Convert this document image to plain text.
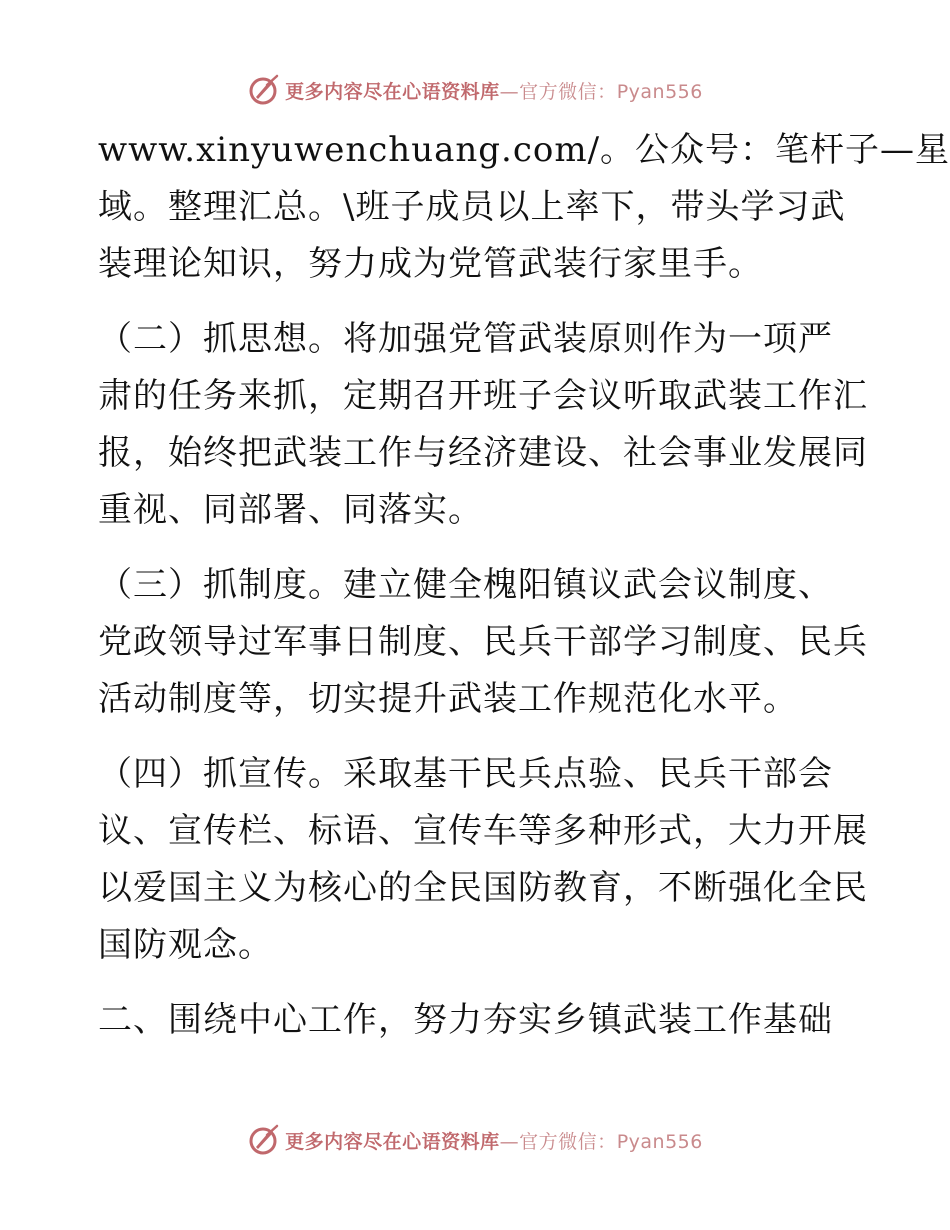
更多内容尽在心语资料库—官方微信：Pyan556
www.xinyuwenchuang.com/。公众号：笔杆子—星
域。整理汇总。\班子成员以上率下，带头学习武
装理论知识，努力成为党管武装行家里手。
（二）抓思想。将加强党管武装原则作为一项严
肃的任务来抓，定期召开班子会议听取武装工作汇
报，始终把武装工作与经济建设、社会事业发展同
重视、同部署、同落实。
（三）抓制度。建立健全槐阳镇议武会议制度、
党政领导过军事日制度、民兵干部学习制度、民兵
活动制度等，切实提升武装工作规范化水平。
（四）抓宣传。采取基干民兵点验、民兵干部会
议、宣传栏、标语、宣传车等多种形式，大力开展
以爱国主义为核心的全民国防教育，不断强化全民
国防观念。
二、围绕中心工作，努力夯实乡镇武装工作基础
更多内容尽在心语资料库—官方微信：Pyan556
